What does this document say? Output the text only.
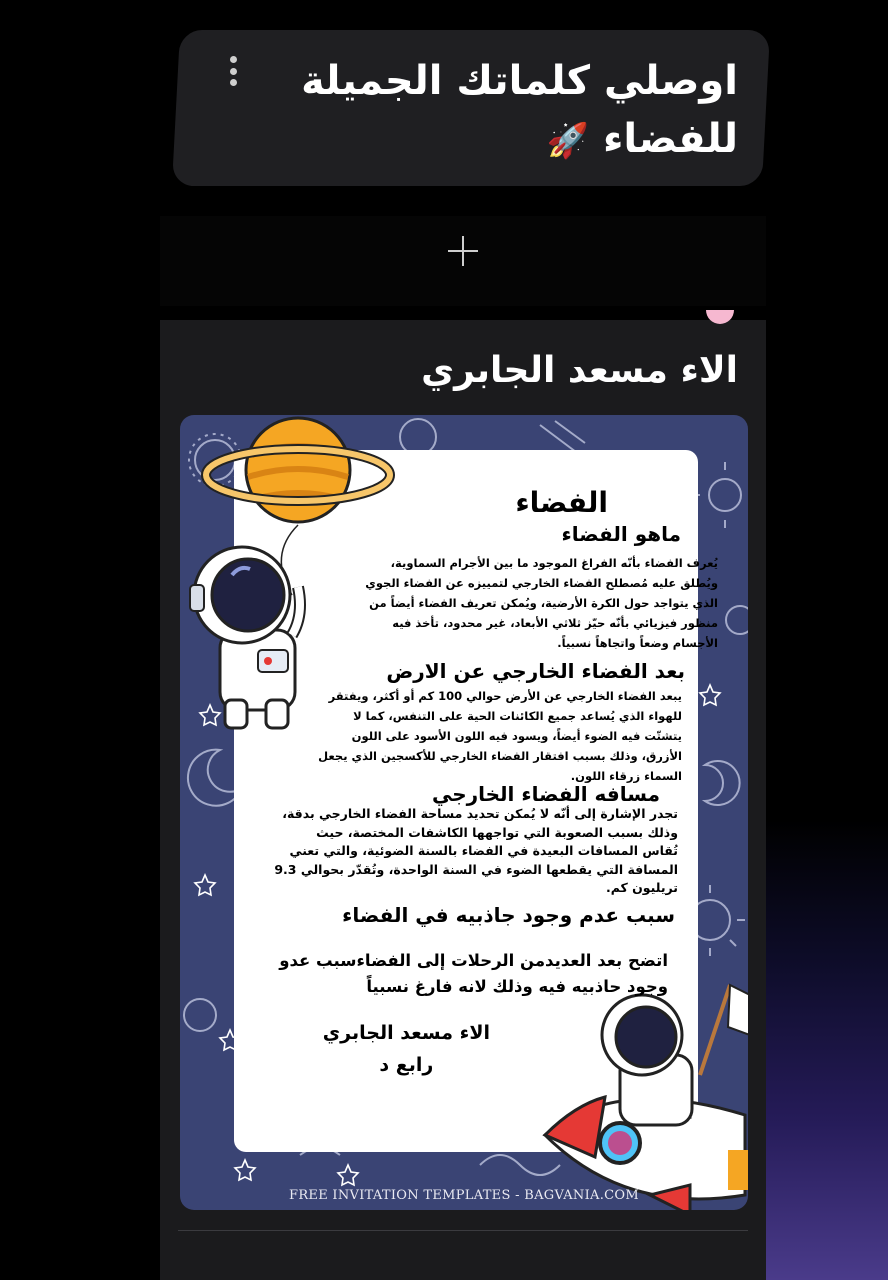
اوصلي كلماتك الجميلة
للفضاء 🚀
الاء مسعد الجابري
FREE INVITATION TEMPLATES - BAGVANIA.COM
الفضاء
ماهو الفضاء
يُعرف الفضاء بأنّه الفراغ الموجود ما بين الأجرام السماوية،
ويُطلق عليه مُصطلح الفضاء الخارجي لتمييزه عن الفضاء الجوي
الذي يتواجد حول الكرة الأرضية، ويُمكن تعريف الفضاء أيضاً من
منظور فيزيائي بأنّه حيّز ثلاثي الأبعاد، غير محدود، تأخذ فيه
الأجسام وضعاً واتجاهاً نسبياً.
بعد الفضاء الخارجي عن الارض
يبعد الفضاء الخارجي عن الأرض حوالي 100 كم أو أكثر، ويفتقر
للهواء الذي يُساعد جميع الكائنات الحية على التنفس، كما لا
يتشتّت فيه الضوء أيضاً، ويسود فيه اللون الأسود على اللون
الأزرق، وذلك بسبب افتقار الفضاء الخارجي للأكسجين الذي يجعل
السماء زرقاء اللون.
مسافه الفضاء الخارجي
تجدر الإشارة إلى أنّه لا يُمكن تحديد مساحة الفضاء الخارجي بدقة،
وذلك بسبب الصعوبة التي تواجهها الكاشفات المختصة، حيث
تُقاس المسافات البعيدة في الفضاء بالسنة الضوئية، والتي تعني
المسافة التي يقطعها الضوء في السنة الواحدة، وتُقدّر بحوالي 9.3
تريليون كم.
سبب عدم وجود جاذبيه في الفضاء
اتضح بعد العديدمن الرحلات إلى الفضاءسبب عدو
وجود حاذبيه فيه وذلك لانه فارغ نسبياً
الاء مسعد الجابري
رابع د
